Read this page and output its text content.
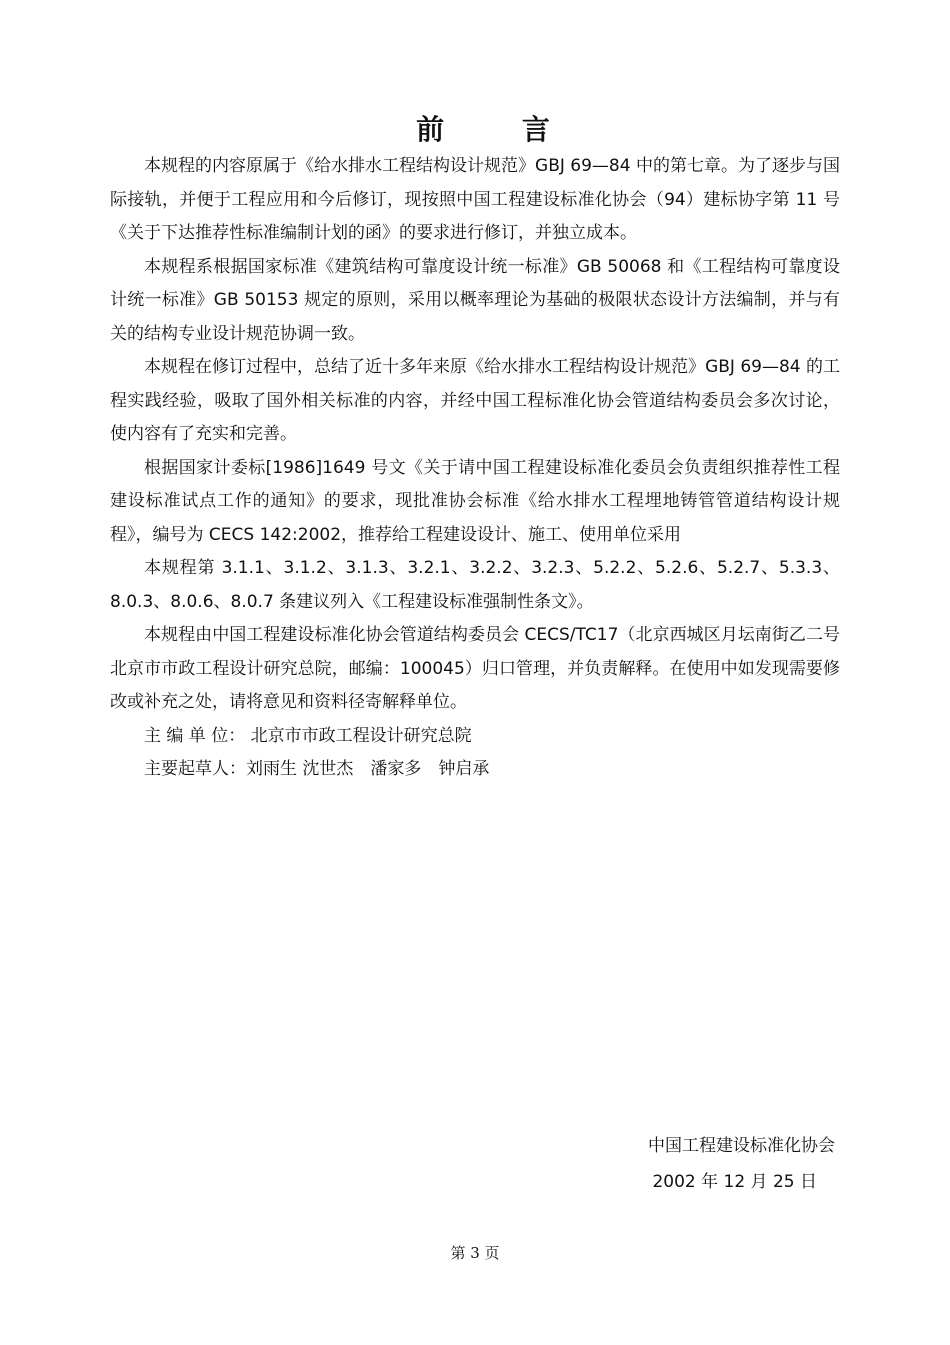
前 言

本规程的内容原属于《给水排水工程结构设计规范》GBJ 69—84 中的第七章。为了逐步与国际接轨，并便于工程应用和今后修订，现按照中国工程建设标准化协会（94）建标协字第 11 号《关于下达推荐性标准编制计划的函》的要求进行修订，并独立成本。

本规程系根据国家标准《建筑结构可靠度设计统一标准》GB 50068 和《工程结构可靠度设计统一标准》GB 50153 规定的原则，采用以概率理论为基础的极限状态设计方法编制，并与有关的结构专业设计规范协调一致。

本规程在修订过程中，总结了近十多年来原《给水排水工程结构设计规范》GBJ 69—84 的工程实践经验，吸取了国外相关标准的内容，并经中国工程标准化协会管道结构委员会多次讨论，使内容有了充实和完善。

根据国家计委标[1986]1649 号文《关于请中国工程建设标准化委员会负责组织推荐性工程建设标准试点工作的通知》的要求，现批准协会标准《给水排水工程埋地铸管管道结构设计规程》，编号为 CECS 142:2002，推荐给工程建设设计、施工、使用单位采用

本规程第 3.1.1、3.1.2、3.1.3、3.2.1、3.2.2、3.2.3、5.2.2、5.2.6、5.2.7、5.3.3、8.0.3、8.0.6、8.0.7 条建议列入《工程建设标准强制性条文》。

本规程由中国工程建设标准化协会管道结构委员会 CECS/TC17（北京西城区月坛南街乙二号　北京市市政工程设计研究总院，邮编：100045）归口管理，并负责解释。在使用中如发现需要修改或补充之处，请将意见和资料径寄解释单位。

主 编 单 位： 北京市市政工程设计研究总院

主要起草人：刘雨生 沈世杰　潘家多　钟启承

中国工程建设标准化协会
2002 年 12 月 25 日
第 3 页
